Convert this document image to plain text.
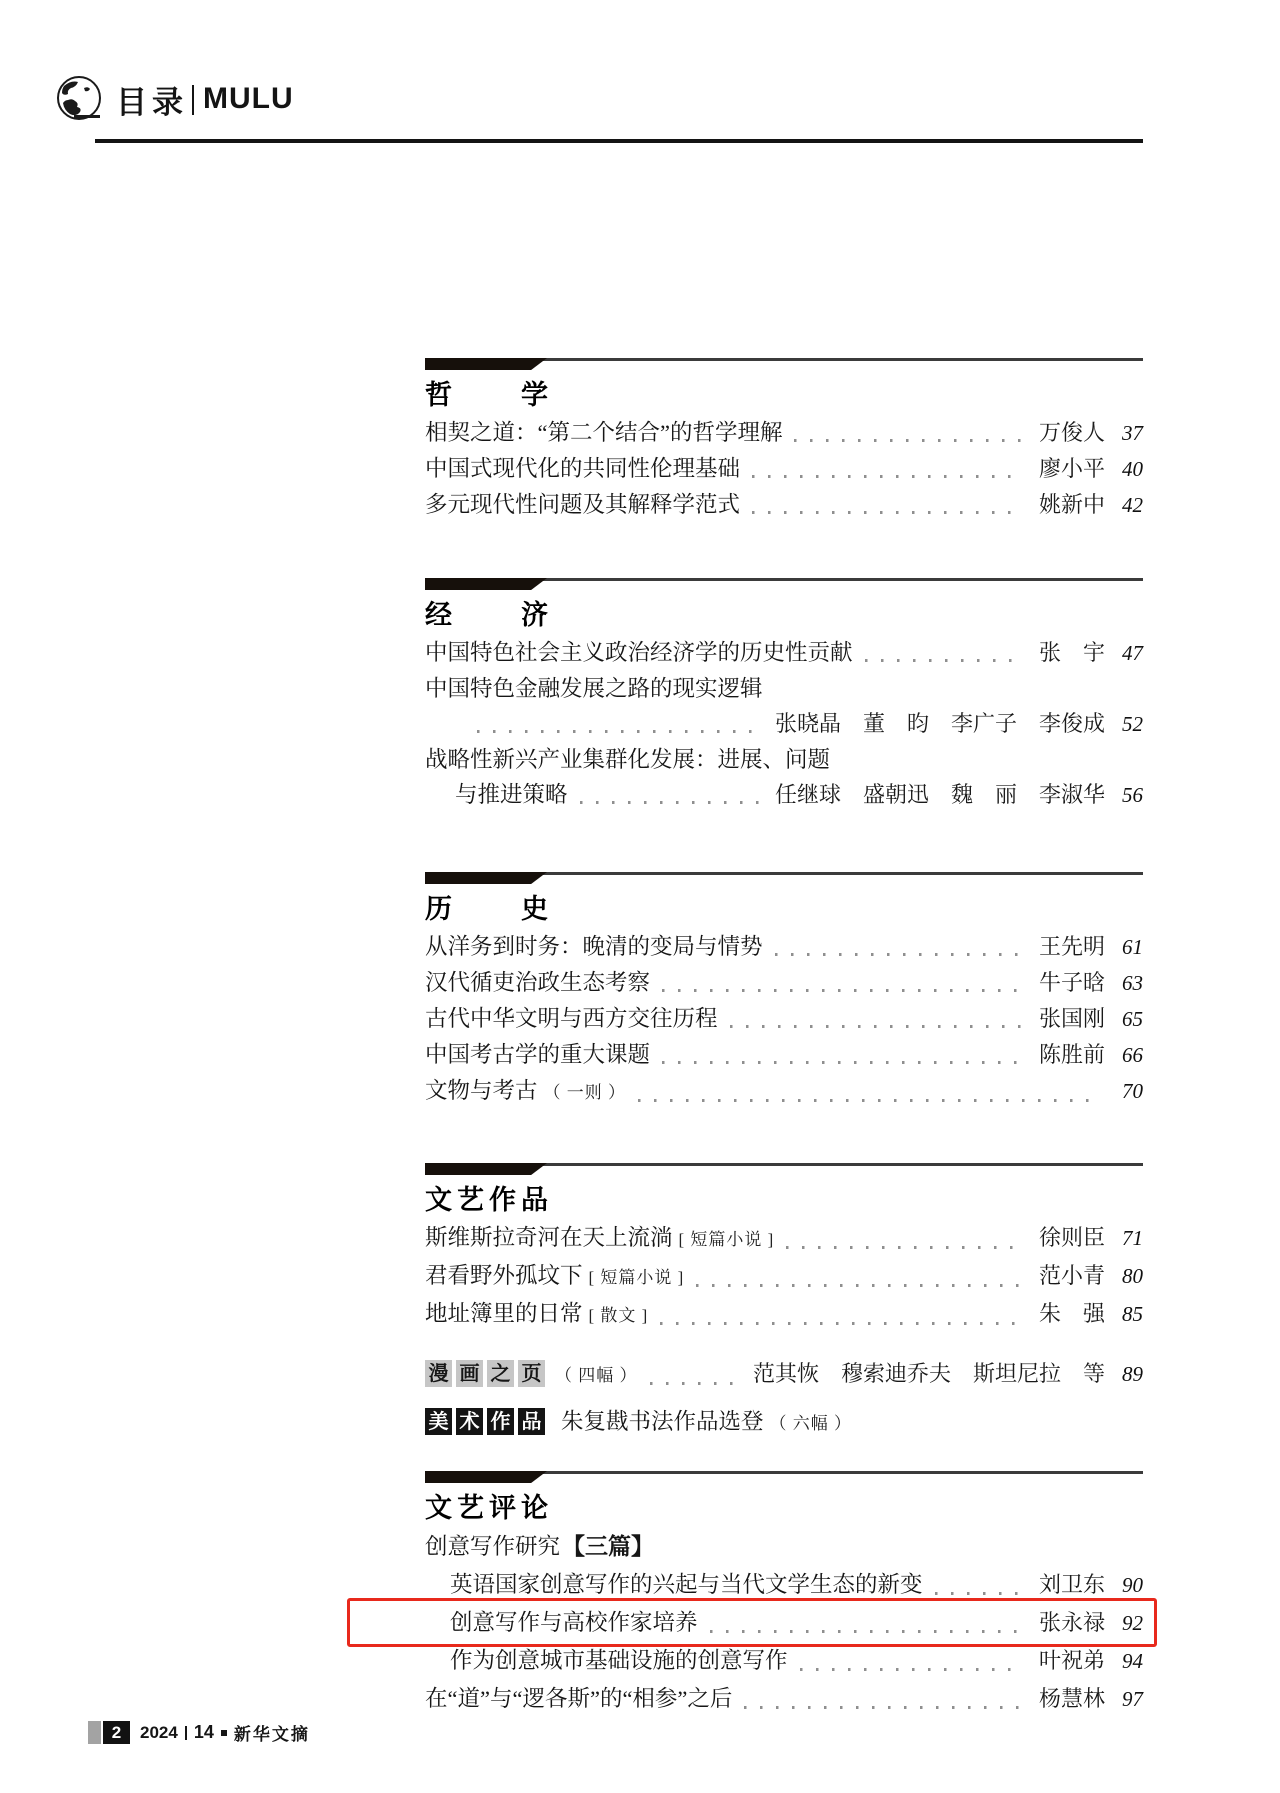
目录 MULU
哲　　学
相契之道：“第二个结合”的哲学理解	万俊人 37
中国式现代化的共同性伦理基础	廖小平 40
多元现代性问题及其解释学范式	姚新中 42
经　　济
中国特色社会主义政治经济学的历史性贡献	张　宇 47
中国特色金融发展之路的现实逻辑
张晓晶　董　昀　李广子　李俊成 52
战略性新兴产业集群化发展：进展、问题
与推进策略	任继球　盛朝迅　魏　丽　李淑华 56
历　　史
从洋务到时务：晚清的变局与情势	王先明 61
汉代循吏治政生态考察	牛子晗 63
古代中华文明与西方交往历程	张国刚 65
中国考古学的重大课题	陈胜前 66
文物与考古 （ 一则 ）	70
文艺作品
斯维斯拉奇河在天上流淌 [ 短篇小说 ]	徐则臣 71
君看野外孤坟下 [ 短篇小说 ]	范小青 80
地址簿里的日常 [ 散文 ]	朱　强 85
漫 画 之 页 （ 四幅 ）	范其恢　穆索迪乔夫　斯坦尼拉　等 89
美 术 作 品 朱复戡书法作品选登 （ 六幅 ）
文艺评论
创意写作研究 【三篇】
英语国家创意写作的兴起与当代文学生态的新变	刘卫东 90
创意写作与高校作家培养	张永禄 92
作为创意城市基础设施的创意写作	叶祝弟 94
在“道”与“逻各斯”的“相参”之后	杨慧林 97
2	2024 14 新华文摘
